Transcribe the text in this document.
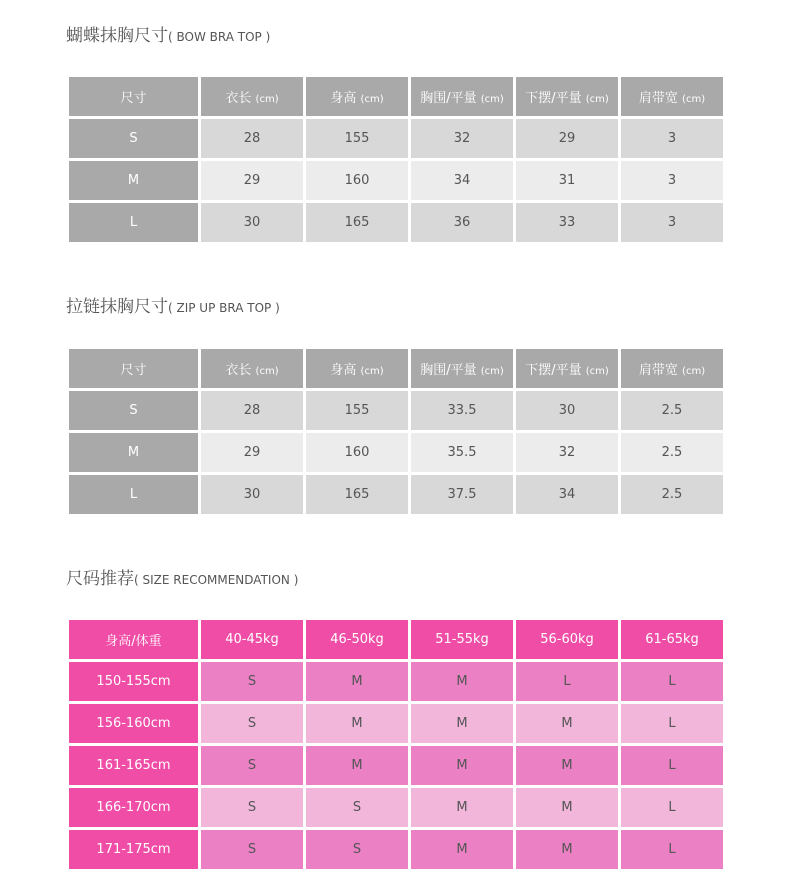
蝴蝶抹胸尺寸( BOW BRA TOP )
尺寸	衣长 (cm)	身高 (cm)	胸围/平量 (cm)	下摆/平量 (cm)	肩带宽 (cm)
S	28	155	32	29	3
M	29	160	34	31	3
L	30	165	36	33	3
拉链抹胸尺寸( ZIP UP BRA TOP )
尺寸	衣长 (cm)	身高 (cm)	胸围/平量 (cm)	下摆/平量 (cm)	肩带宽 (cm)
S	28	155	33.5	30	2.5
M	29	160	35.5	32	2.5
L	30	165	37.5	34	2.5
尺码推荐( SIZE RECOMMENDATION )
身高/体重	40-45kg	46-50kg	51-55kg	56-60kg	61-65kg
150-155cm	S	M	M	L	L
156-160cm	S	M	M	M	L
161-165cm	S	M	M	M	L
166-170cm	S	S	M	M	L
171-175cm	S	S	M	M	L
